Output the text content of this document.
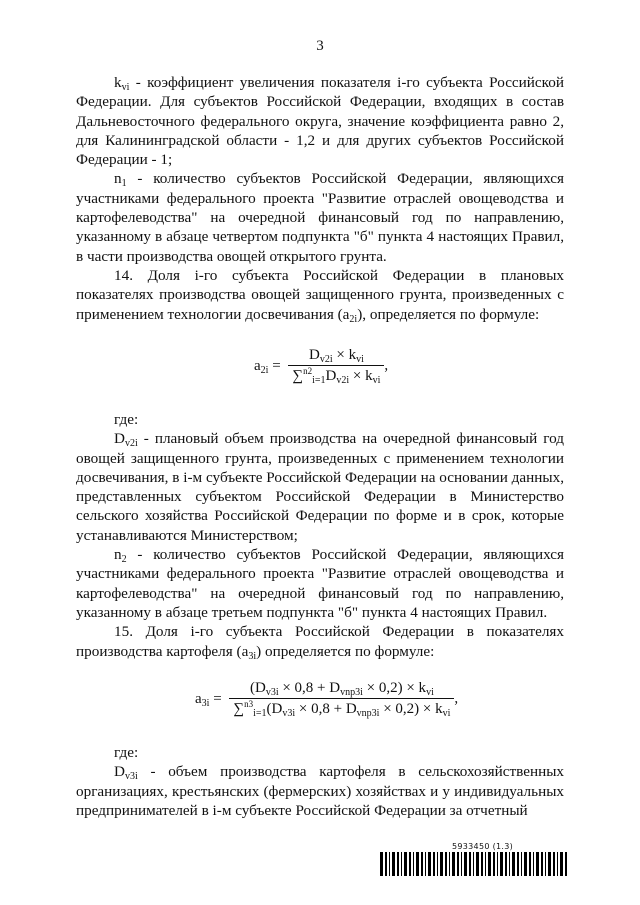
3

$k_{vi}$ - коэффициент увеличения показателя i-го субъекта Российской Федерации. Для субъектов Российской Федерации, входящих в состав Дальневосточного федерального округа, значение коэффициента равно 2, для Калининградской области - 1,2 и для других субъектов Российской Федерации - 1;

$n_1$ - количество субъектов Российской Федерации, являющихся участниками федерального проекта "Развитие отраслей овощеводства и картофелеводства" на очередной финансовый год по направлению, указанному в абзаце четвертом подпункта "б" пункта 4 настоящих Правил, в части производства овощей открытого грунта.

14. Доля i-го субъекта Российской Федерации в плановых показателях производства овощей защищенного грунта, произведенных с применением технологии досвечивания $(a_{2i})$, определяется по формуле:

$a_{2i} = \frac{D_{v2i} \times k_{vi}}{\sum^{n2}_{i=1}D_{v2i} \times k_{vi}}$ ,

где:

$D_{v2i}$ - плановый объем производства на очередной финансовый год овощей защищенного грунта, произведенных с применением технологии досвечивания, в i-м субъекте Российской Федерации на основании данных, представленных субъектом Российской Федерации в Министерство сельского хозяйства Российской Федерации по форме и в срок, которые устанавливаются Министерством;

$n_2$ - количество субъектов Российской Федерации, являющихся участниками федерального проекта "Развитие отраслей овощеводства и картофелеводства" на очередной финансовый год по направлению, указанному в абзаце третьем подпункта "б" пункта 4 настоящих Правил.

15. Доля i-го субъекта Российской Федерации в показателях производства картофеля $(a_{3i})$ определяется по формуле:

$a_{3i} = \frac{(D_{v3i} \times 0,8 + D_{vnp3i} \times 0,2) \times k_{vi}}{\sum^{n3}_{i=1}(D_{v3i} \times 0,8 + D_{vnp3i} \times 0,2) \times k_{vi}}$ ,

где:

$D_{v3i}$ - объем производства картофеля в сельскохозяйственных организациях, крестьянских (фермерских) хозяйствах и у индивидуальных предпринимателей в i-м субъекте Российской Федерации за отчетный

5933450 (1.3)
